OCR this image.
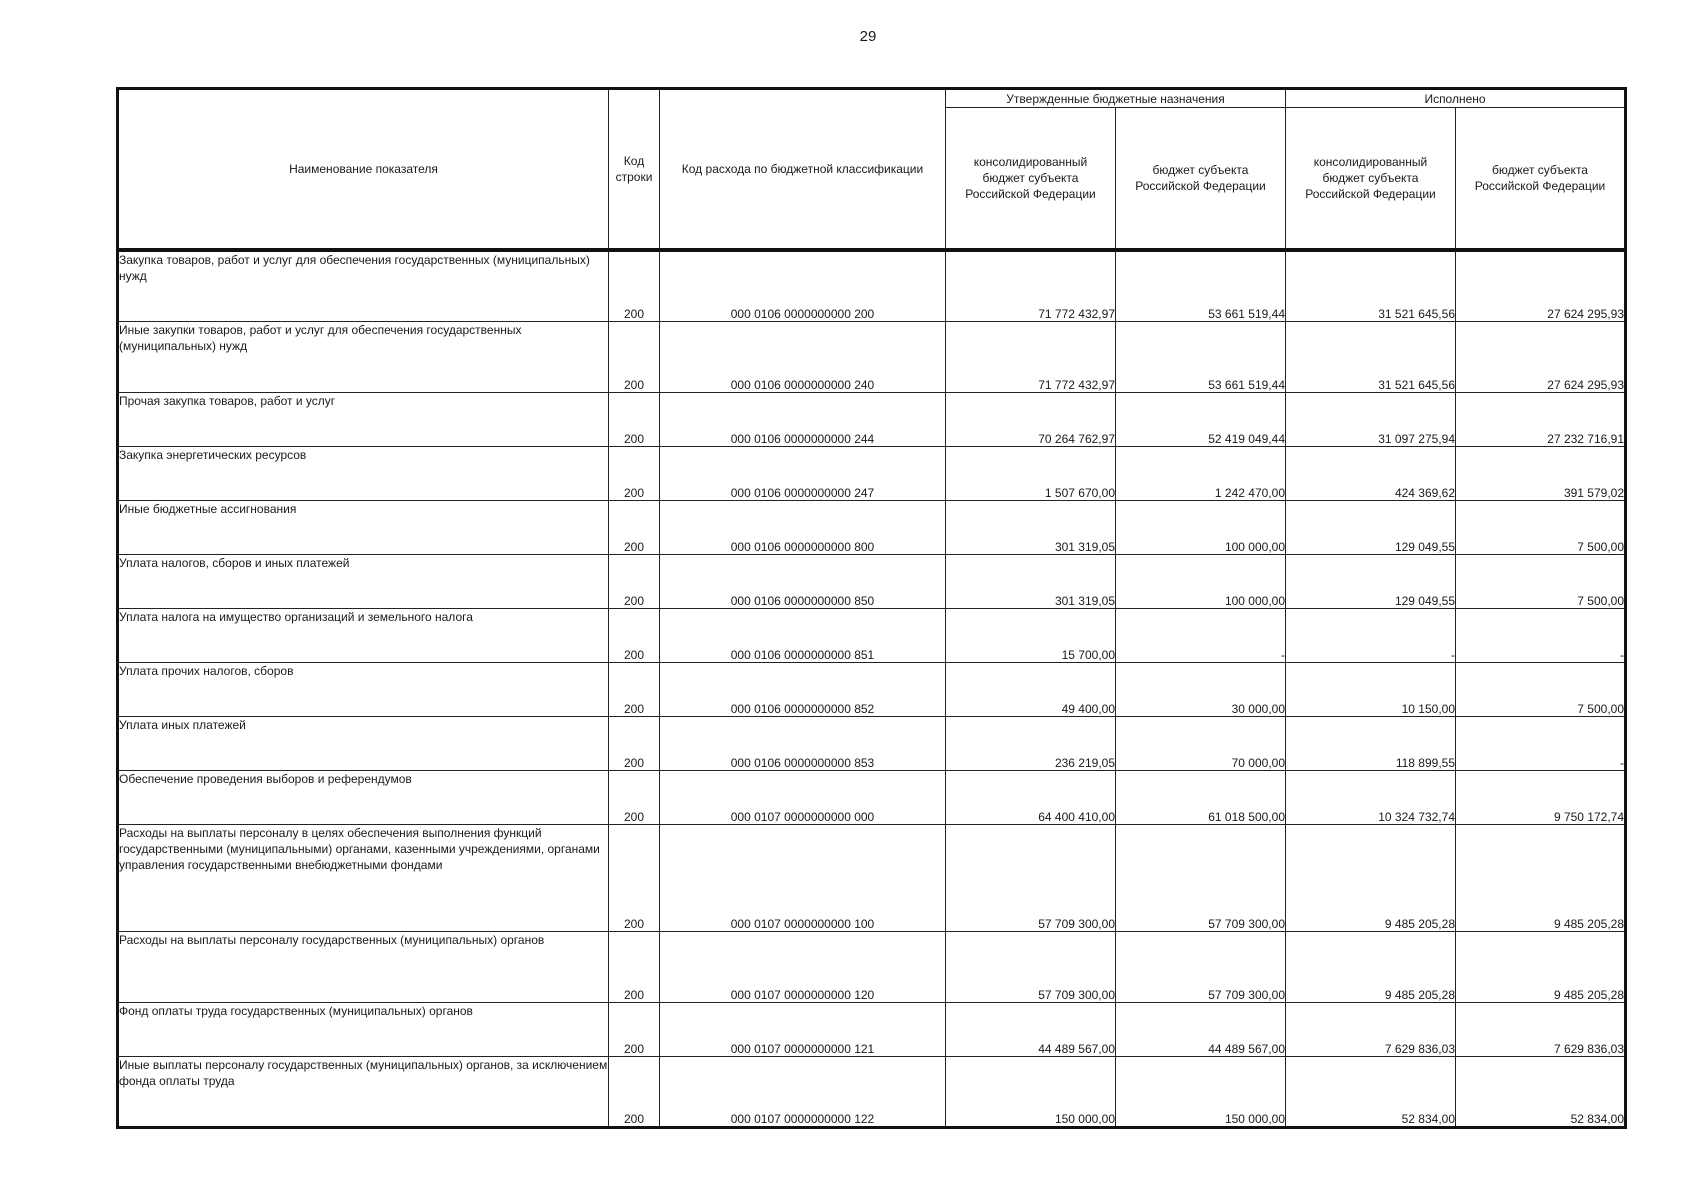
29
Наименование показателя	Код строки	Код расхода по бюджетной классификации	Утвержденные бюджетные назначения		Исполнено	
			консолидированный бюджет субъекта Российской Федерации	бюджет субъекта Российской Федерации	консолидированный бюджет субъекта Российской Федерации	бюджет субъекта Российской Федерации
Закупка товаров, работ и услуг для обеспечения государственных (муниципальных) нужд	200	000 0106 0000000000 200	71 772 432,97	53 661 519,44	31 521 645,56	27 624 295,93
Иные закупки товаров, работ и услуг для обеспечения государственных (муниципальных) нужд	200	000 0106 0000000000 240	71 772 432,97	53 661 519,44	31 521 645,56	27 624 295,93
Прочая закупка товаров, работ и услуг	200	000 0106 0000000000 244	70 264 762,97	52 419 049,44	31 097 275,94	27 232 716,91
Закупка энергетических ресурсов	200	000 0106 0000000000 247	1 507 670,00	1 242 470,00	424 369,62	391 579,02
Иные бюджетные ассигнования	200	000 0106 0000000000 800	301 319,05	100 000,00	129 049,55	7 500,00
Уплата налогов, сборов и иных платежей	200	000 0106 0000000000 850	301 319,05	100 000,00	129 049,55	7 500,00
Уплата налога на имущество организаций и земельного налога	200	000 0106 0000000000 851	15 700,00	-	-	-
Уплата прочих налогов, сборов	200	000 0106 0000000000 852	49 400,00	30 000,00	10 150,00	7 500,00
Уплата иных платежей	200	000 0106 0000000000 853	236 219,05	70 000,00	118 899,55	-
Обеспечение проведения выборов и референдумов	200	000 0107 0000000000 000	64 400 410,00	61 018 500,00	10 324 732,74	9 750 172,74
Расходы на выплаты персоналу в целях обеспечения выполнения функций государственными (муниципальными) органами, казенными учреждениями, органами управления государственными внебюджетными фондами	200	000 0107 0000000000 100	57 709 300,00	57 709 300,00	9 485 205,28	9 485 205,28
Расходы на выплаты персоналу государственных (муниципальных) органов	200	000 0107 0000000000 120	57 709 300,00	57 709 300,00	9 485 205,28	9 485 205,28
Фонд оплаты труда государственных (муниципальных) органов	200	000 0107 0000000000 121	44 489 567,00	44 489 567,00	7 629 836,03	7 629 836,03
Иные выплаты персоналу государственных (муниципальных) органов, за исключением фонда оплаты труда	200	000 0107 0000000000 122	150 000,00	150 000,00	52 834,00	52 834,00
